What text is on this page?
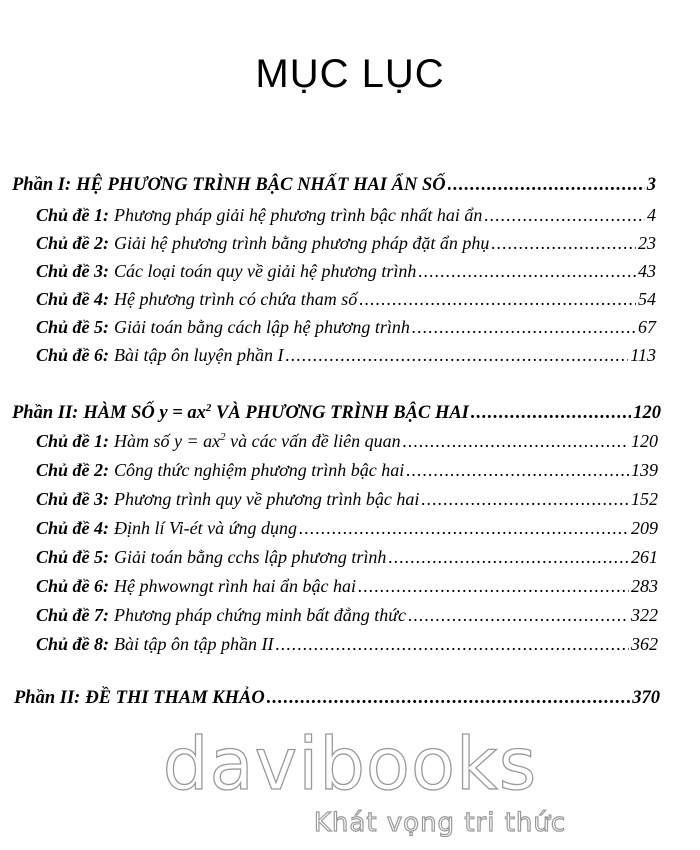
MỤC LỤC
Phần I: HỆ PHƯƠNG TRÌNH BẬC NHẤT HAI ẨN SỐ .....	3
Chủ đề 1: Phương pháp giải hệ phương trình bậc nhất hai ẩn .....	4
Chủ đề 2: Giải hệ phương trình bằng phương pháp đặt ẩn phụ .....	23
Chủ đề 3: Các loại toán quy về giải hệ phương trình .....	43
Chủ đề 4: Hệ phương trình có chứa tham số .....	54
Chủ đề 5: Giải toán bằng cách lập hệ phương trình .....	67
Chủ đề 6: Bài tập ôn luyện phần I .....	113
Phần II: HÀM SỐ $y = ax^2$ VÀ PHƯƠNG TRÌNH BẬC HAI .....	120
Chủ đề 1: Hàm số $y = ax^2$ và các vấn đề liên quan .....	120
Chủ đề 2: Công thức nghiệm phương trình bậc hai .....	139
Chủ đề 3: Phương trình quy về phương trình bậc hai .....	152
Chủ đề 4: Định lí Vi-ét và ứng dụng .....	209
Chủ đề 5: Giải toán bằng cchs lập phương trình .....	261
Chủ đề 6: Hệ phwowngt rình hai ẩn bậc hai .....	283
Chủ đề 7: Phương pháp chứng minh bất đẳng thức .....	322
Chủ đề 8: Bài tập ôn tập phần II .....	362
Phần II: ĐỀ THI THAM KHẢO .....	370
davibooks
Khát vọng tri thức
